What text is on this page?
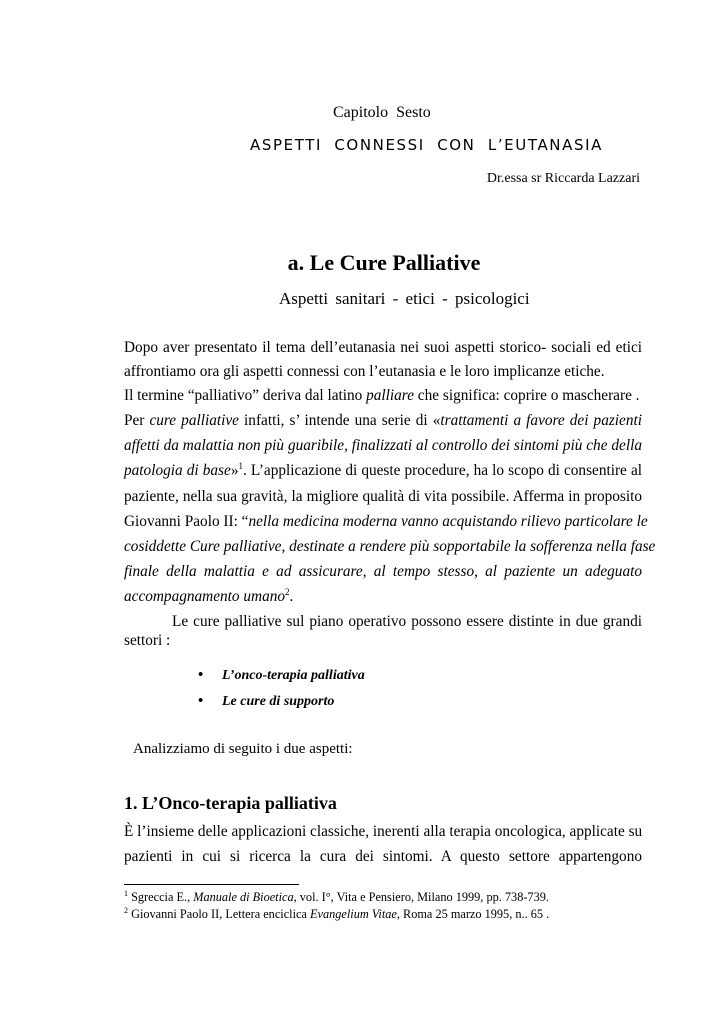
Capitolo Sesto
ASPETTI CONNESSI CON L’EUTANASIA
Dr.essa sr Riccarda Lazzari
a. Le Cure Palliative
Aspetti sanitari - etici - psicologici
Dopo aver presentato il tema dell’eutanasia nei suoi aspetti storico- sociali ed etici
affrontiamo ora gli aspetti connessi con l’eutanasia e le loro implicanze etiche.
Il termine “palliativo” deriva dal latino palliare che significa: coprire o mascherare .
Per cure palliative infatti, s’ intende una serie di «trattamenti a favore dei pazienti
affetti da malattia non più guaribile, finalizzati al controllo dei sintomi più che della
patologia di base»$^1$. L’applicazione di queste procedure, ha lo scopo di consentire al
paziente, nella sua gravità, la migliore qualità di vita possibile. Afferma in proposito
Giovanni Paolo II: “nella medicina moderna vanno acquistando rilievo particolare le
cosiddette Cure palliative, destinate a rendere più sopportabile la sofferenza nella fase
finale della malattia e ad assicurare, al tempo stesso, al paziente un adeguato
accompagnamento umano$^2$.
Le cure palliative sul piano operativo possono essere distinte in due grandi
settori :
• L’onco-terapia palliativa
• Le cure di supporto
Analizziamo di seguito i due aspetti:
1. L’Onco-terapia palliativa
È l’insieme delle applicazioni classiche, inerenti alla terapia oncologica, applicate su
pazienti in cui si ricerca la cura dei sintomi. A questo settore appartengono
$^1$ Sgreccia E., Manuale di Bioetica, vol. I°, Vita e Pensiero, Milano 1999, pp. 738-739.
$^2$ Giovanni Paolo II, Lettera enciclica Evangelium Vitae, Roma 25 marzo 1995, n.. 65 .
